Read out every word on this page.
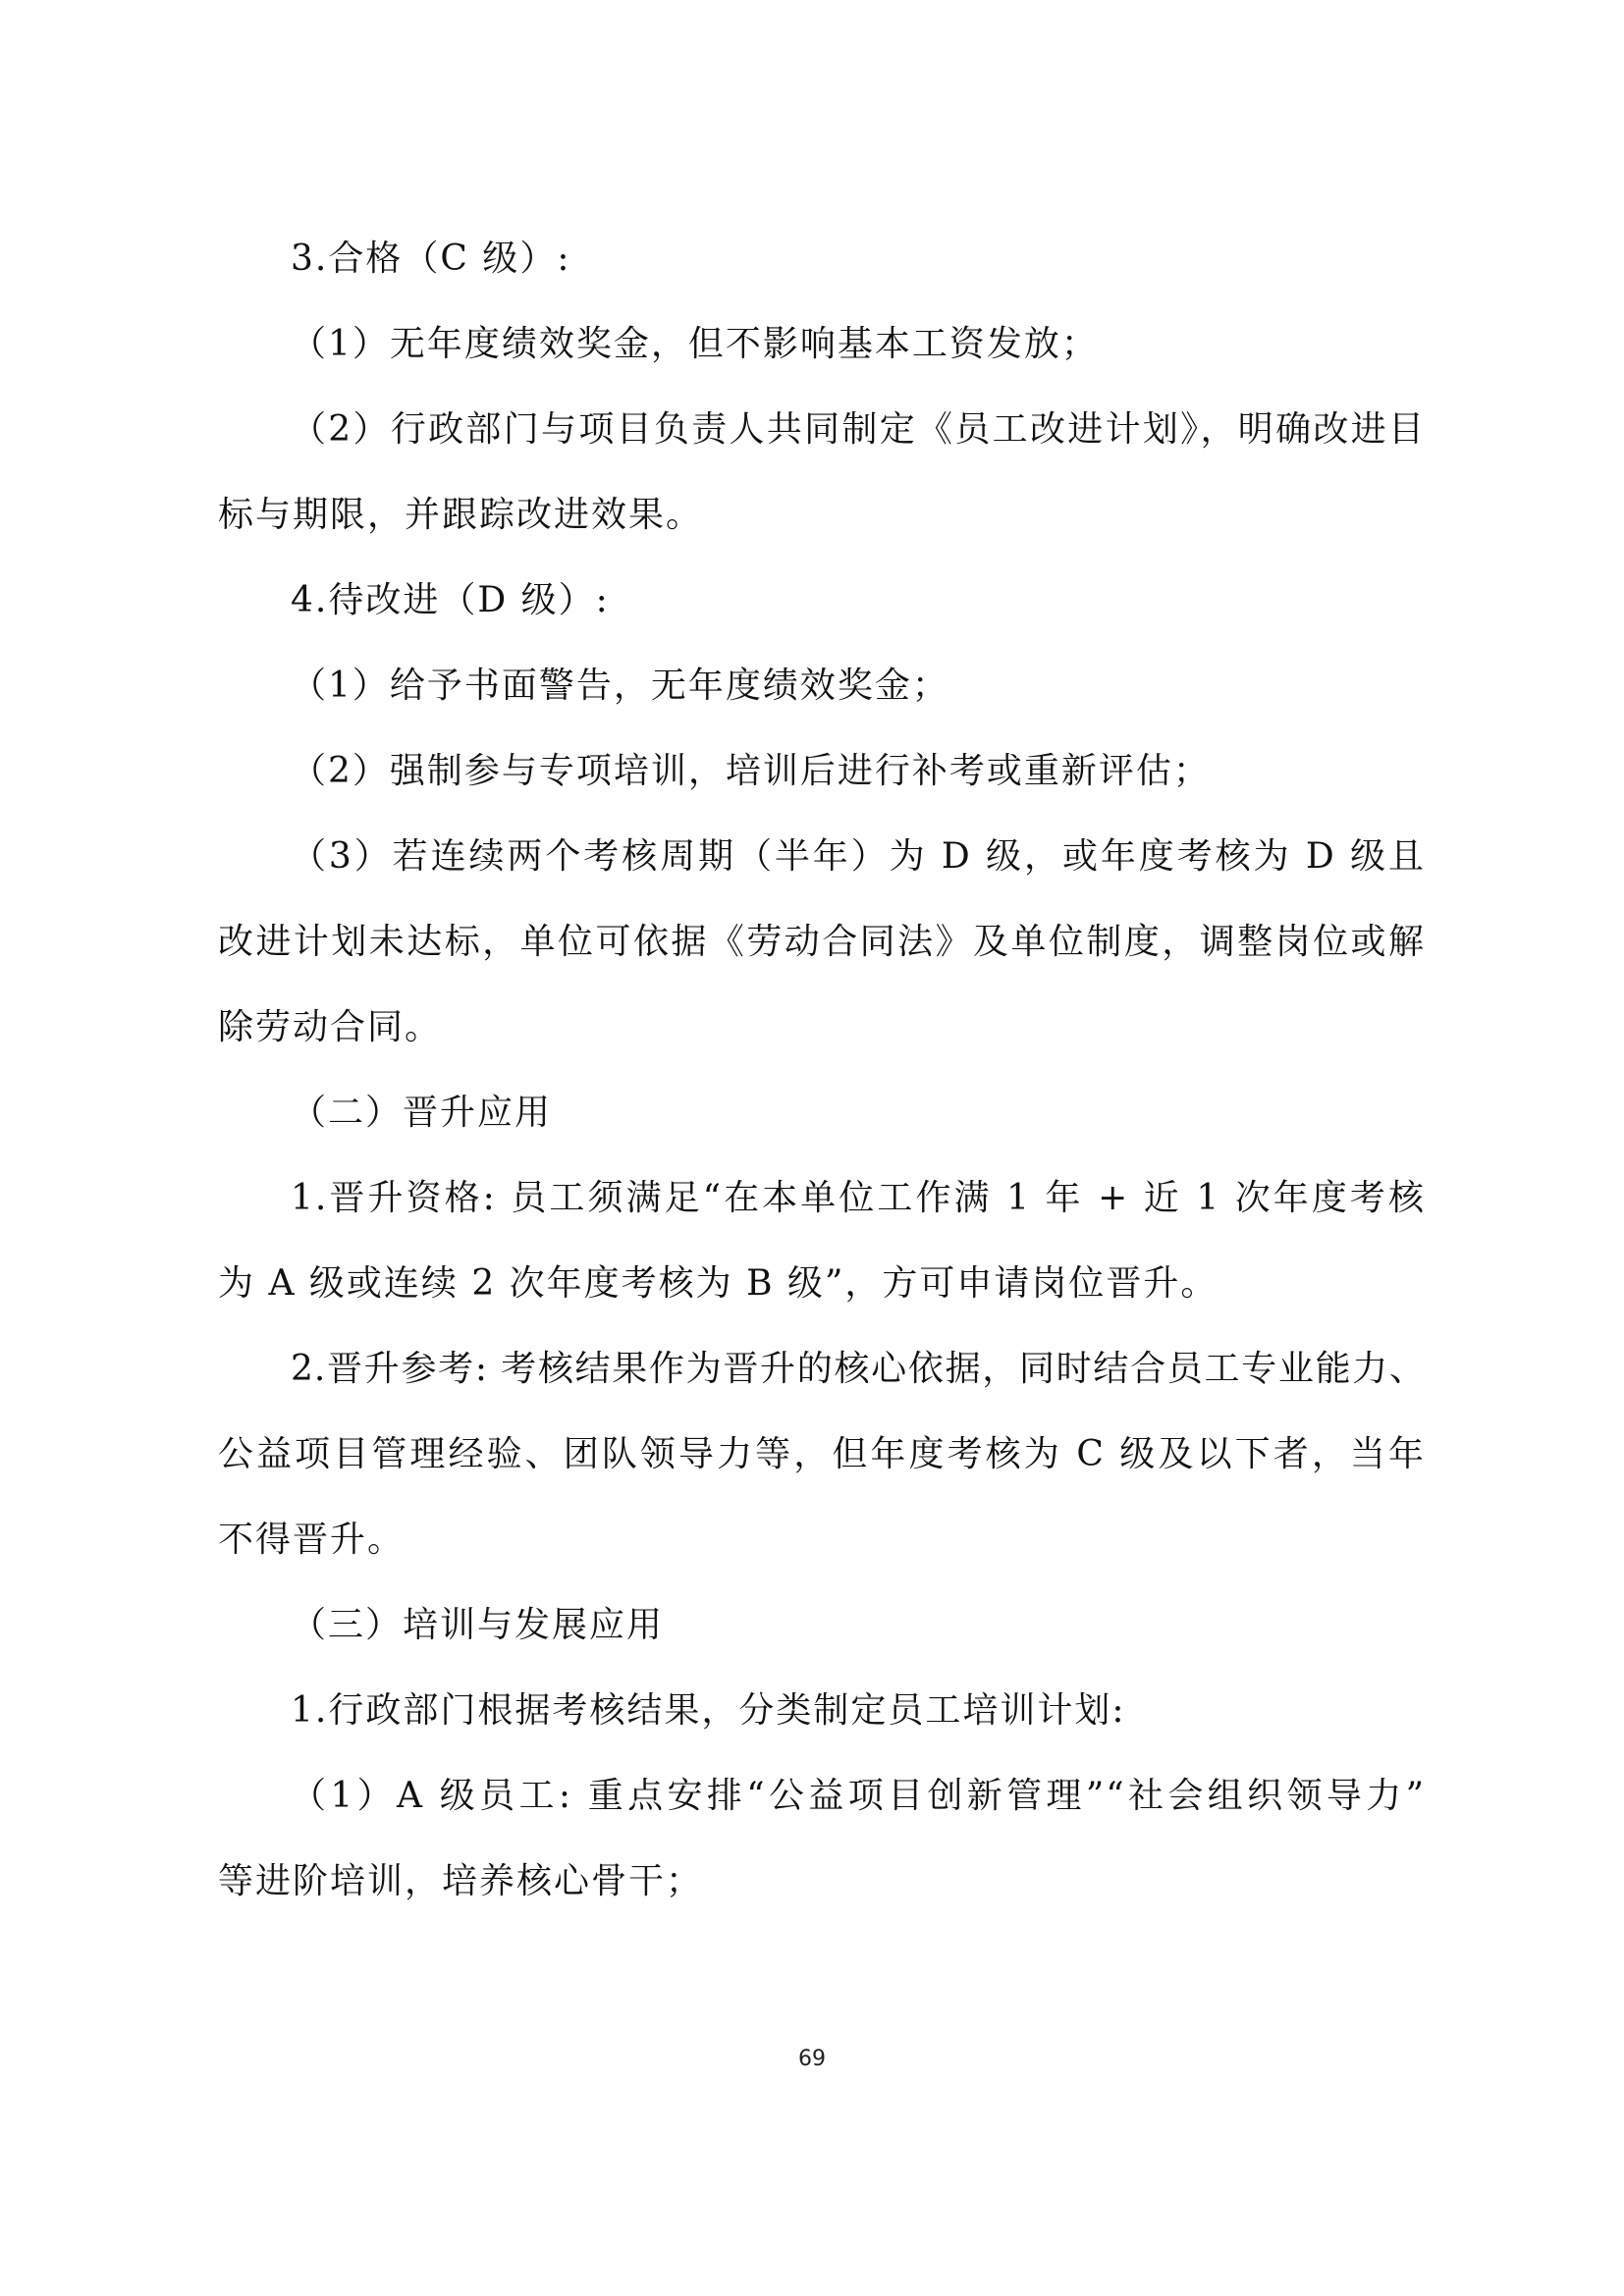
3.合格（C 级）:
（1）无年度绩效奖金，但不影响基本工资发放；
（2）行政部门与项目负责人共同制定《员工改进计划》，明确改进目
标与期限，并跟踪改进效果。
4.待改进（D 级）:
（1）给予书面警告，无年度绩效奖金；
（2）强制参与专项培训，培训后进行补考或重新评估；
（3）若连续两个考核周期（半年）为 D 级，或年度考核为 D 级且
改进计划未达标，单位可依据《劳动合同法》及单位制度，调整岗位或解
除劳动合同。
（二）晋升应用
1.晋升资格: 员工须满足“在本单位工作满 1 年 + 近 1 次年度考核
为 A 级或连续 2 次年度考核为 B 级”，方可申请岗位晋升。
2.晋升参考: 考核结果作为晋升的核心依据，同时结合员工专业能力、
公益项目管理经验、团队领导力等，但年度考核为 C 级及以下者，当年
不得晋升。
（三）培训与发展应用
1.行政部门根据考核结果，分类制定员工培训计划:
（1）A 级员工: 重点安排“公益项目创新管理”“社会组织领导力”
等进阶培训，培养核心骨干；
69
